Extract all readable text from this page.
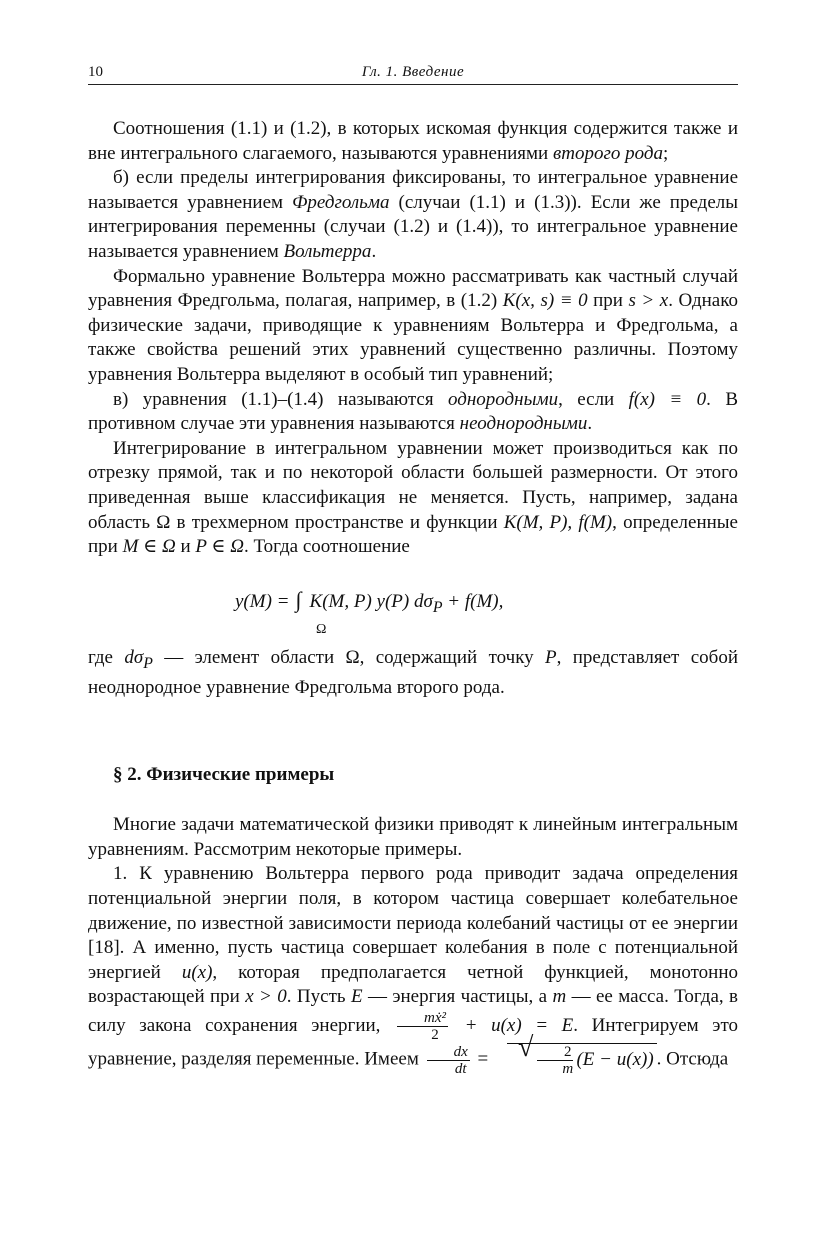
10	Гл. 1. Введение

Соотношения (1.1) и (1.2), в которых искомая функция содержится также и вне интегрального слагаемого, называются уравнениями второго рода;

б) если пределы интегрирования фиксированы, то интегральное уравнение называется уравнением Фредгольма (случаи (1.1) и (1.3)). Если же пределы интегрирования переменны (случаи (1.2) и (1.4)), то интегральное уравнение называется уравнением Вольтерра.

Формально уравнение Вольтерра можно рассматривать как частный случай уравнения Фредгольма, полагая, например, в (1.2) K(x, s) ≡ 0 при s > x. Однако физические задачи, приводящие к уравнениям Вольтерра и Фредгольма, а также свойства решений этих уравнений существенно различны. Поэтому уравнения Вольтерра выделяют в особый тип уравнений;

в) уравнения (1.1)–(1.4) называются однородными, если f(x) ≡ 0. В противном случае эти уравнения называются неоднородными.

Интегрирование в интегральном уравнении может производиться как по отрезку прямой, так и по некоторой области большей размерности. От этого приведенная выше классификация не меняется. Пусть, например, задана область Ω в трехмерном пространстве и функции K(M, P), f(M), определенные при M ∈ Ω и P ∈ Ω. Тогда соотношение

y(M) = ∫ K(M, P) y(P) $d\sigma_P + f(M)$,
Ω

где $d\sigma_P$ — элемент области Ω, содержащий точку P, представляет собой неоднородное уравнение Фредгольма второго рода.

§ 2. Физические примеры

Многие задачи математической физики приводят к линейным интегральным уравнениям. Рассмотрим некоторые примеры.

1. К уравнению Вольтерра первого рода приводит задача определения потенциальной энергии поля, в котором частица совершает колебательное движение, по известной зависимости периода колебаний частицы от ее энергии [18]. А именно, пусть частица совершает колебания в поле с потенциальной энергией u(x), которая предполагается четной функцией, монотонно возрастающей при x > 0. Пусть E — энергия частицы, а m — ее масса. Тогда, в силу закона сохранения энергии, $\frac{\text{mẋ²}}{2} + u(x) = E$. Интегрируем это уравнение, разделяя переменные. Имеем $\frac{dx}{dt}$ =
√	$\frac{2}{m} (E - u(x))$ . Отсюда
